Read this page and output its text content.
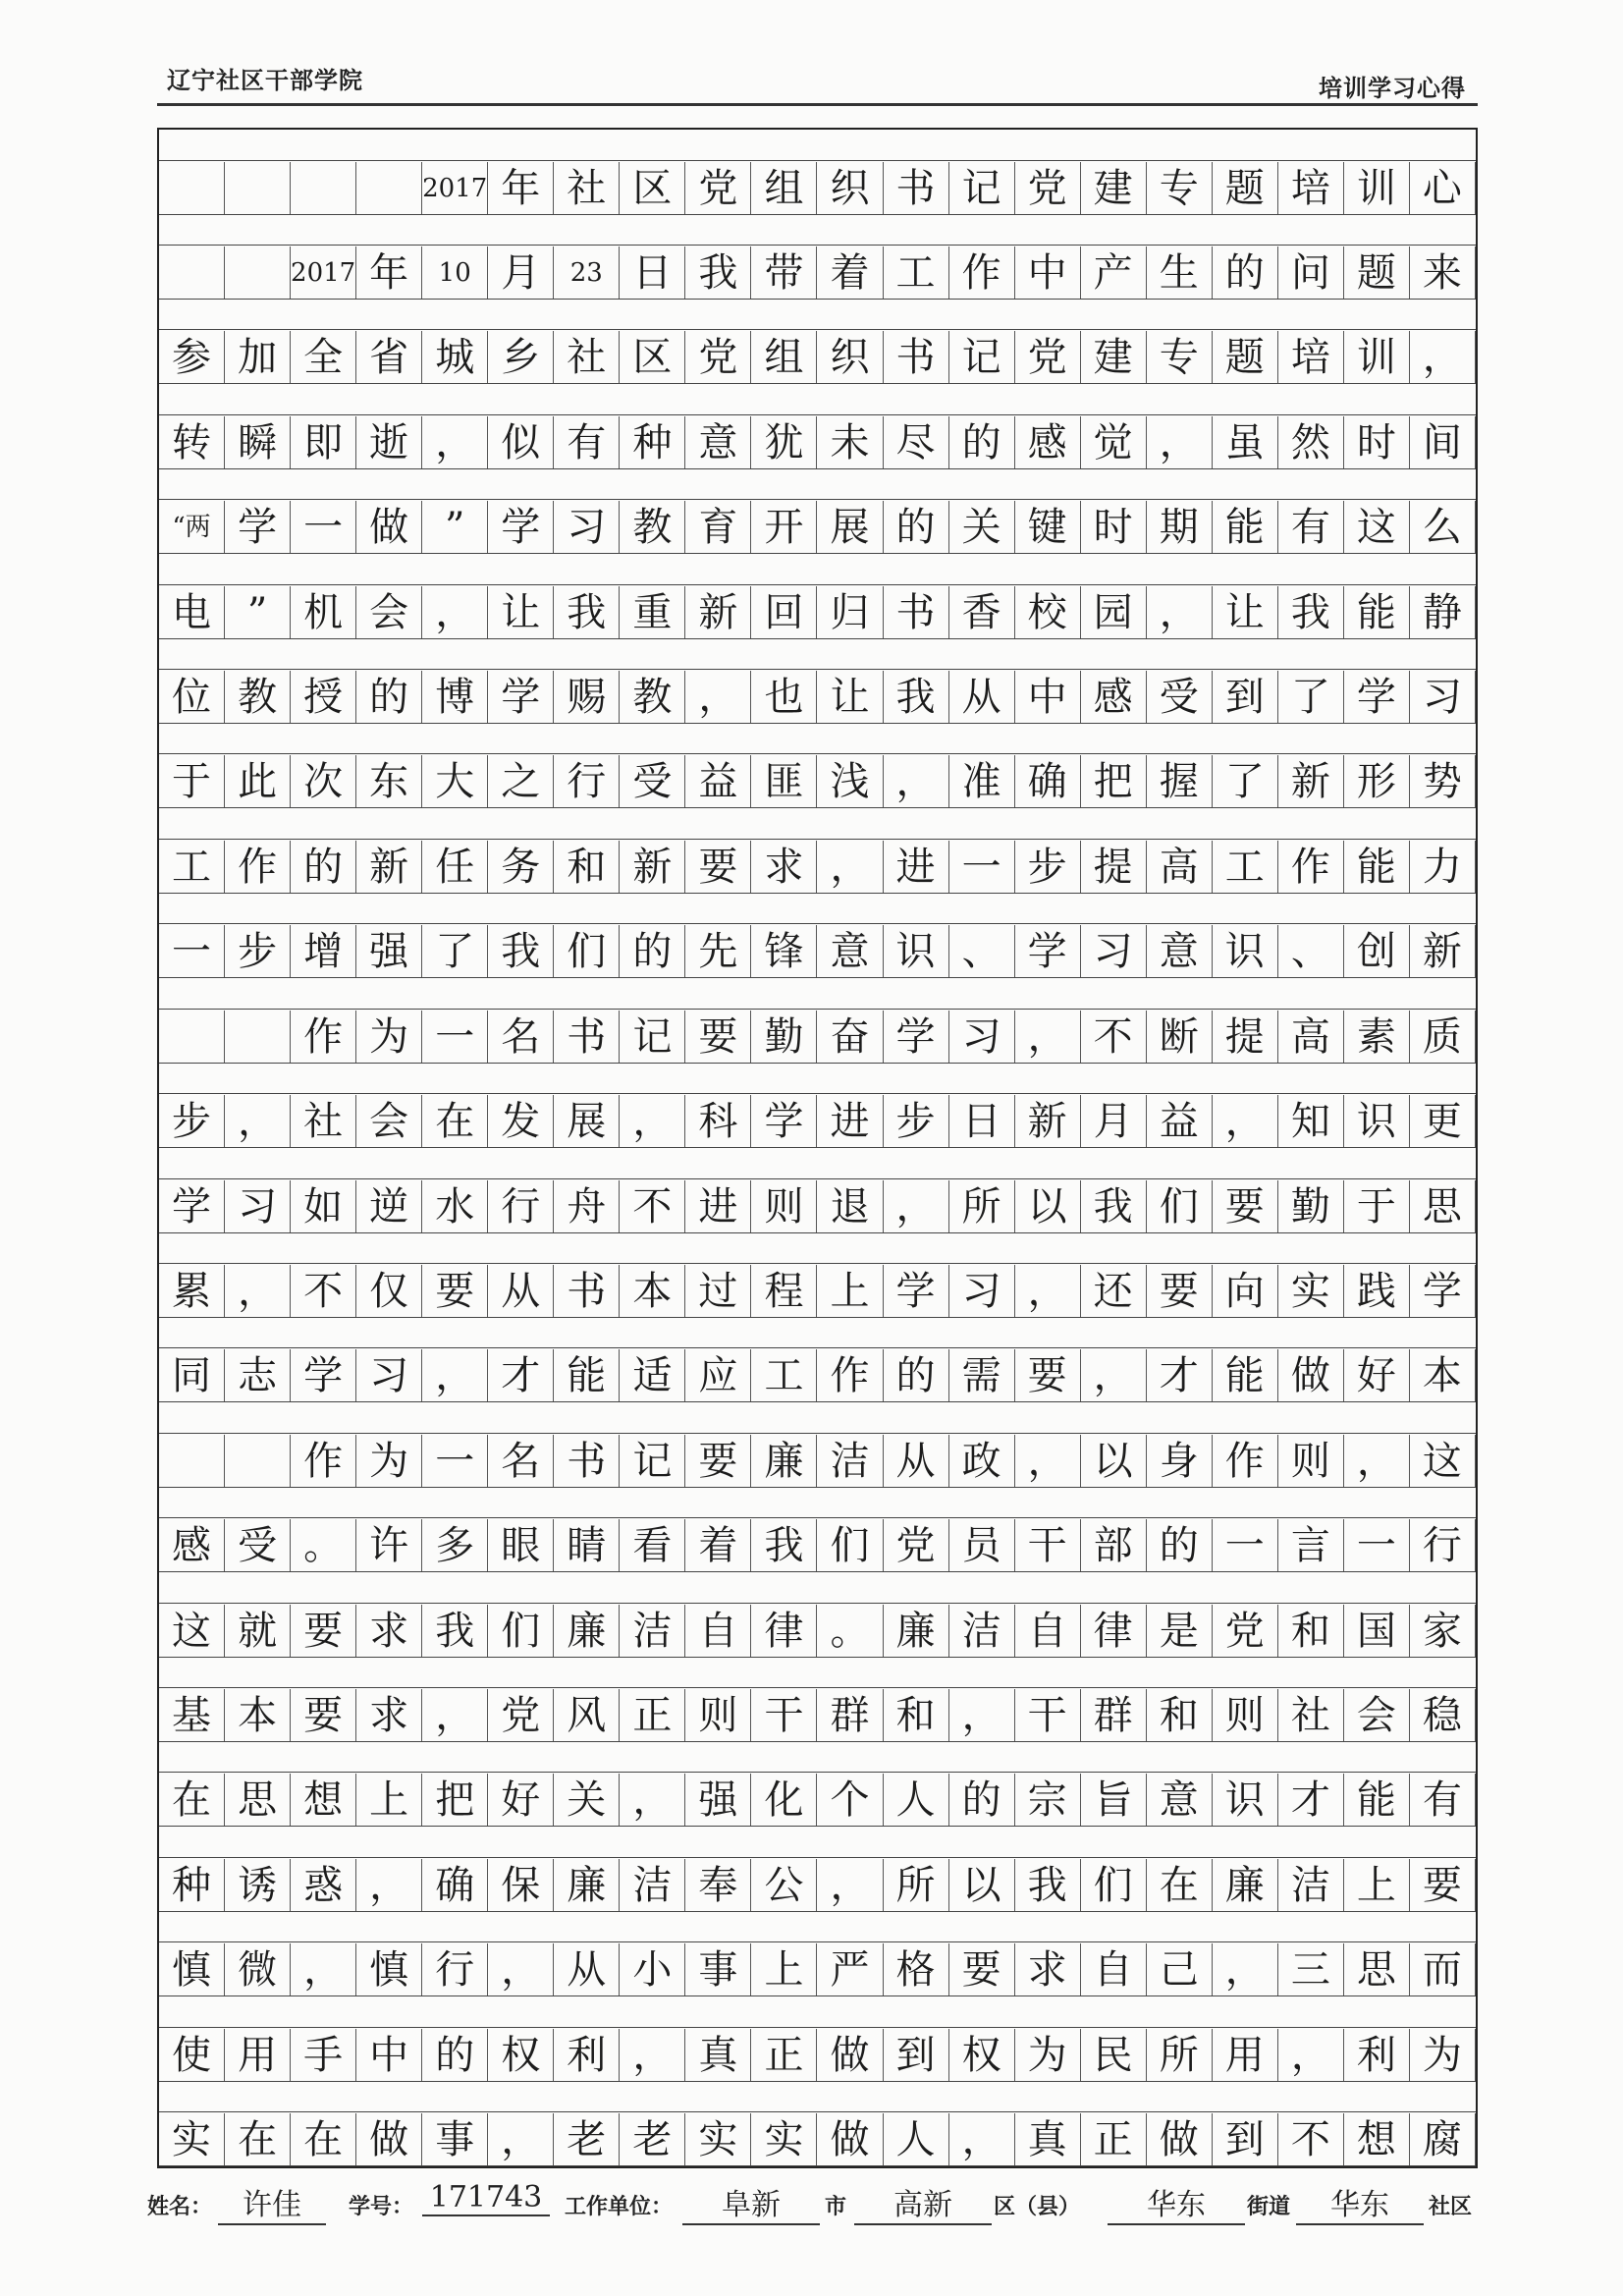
辽宁社区干部学院	培训学习心得
2017 年 社 区 党 组 织 书 记 党 建 专 题 培 训 心
2017 年	10 月	23 日 我 带 着 工 作 中 产 生 的 问 题 来
参 加 全 省 城 乡 社 区 党 组 织 书 记 党 建 专 题 培 训 ，
转 瞬 即 逝 ， 似 有 种 意 犹 未 尽 的 感 觉 ， 虽 然 时 间
“两 学 一 做 ” 学 习 教 育 开 展 的 关 键 时 期 能 有 这 么
电 ” 机 会 ， 让 我 重 新 回 归 书 香 校 园 ， 让 我 能 静
位 教 授 的 博 学 赐 教 ， 也 让 我 从 中 感 受 到 了 学 习
于 此 次 东 大 之 行 受 益 匪 浅 ， 准 确 把 握 了 新 形 势
工 作 的 新 任 务 和 新 要 求 ， 进 一 步 提 高 工 作 能 力
一 步 增 强 了 我 们 的 先 锋 意 识 、 学 习 意 识 、 创 新
作 为 一 名 书 记 要 勤 奋 学 习 ， 不 断 提 高 素 质
步 ， 社 会 在 发 展 ， 科 学 进 步 日 新 月 益 ， 知 识 更
学 习 如 逆 水 行 舟 不 进 则 退 ， 所 以 我 们 要 勤 于 思
累 ， 不 仅 要 从 书 本 过 程 上 学 习 ， 还 要 向 实 践 学
同 志 学 习 ， 才 能 适 应 工 作 的 需 要 ， 才 能 做 好 本
作 为 一 名 书 记 要 廉 洁 从 政 ， 以 身 作 则 ， 这
感 受 。 许 多 眼 睛 看 着 我 们 党 员 干 部 的 一 言 一 行
这 就 要 求 我 们 廉 洁 自 律 。 廉 洁 自 律 是 党 和 国 家
基 本 要 求 ， 党 风 正 则 干 群 和 ， 干 群 和 则 社 会 稳
在 思 想 上 把 好 关 ， 强 化 个 人 的 宗 旨 意 识 才 能 有
种 诱 惑 ， 确 保 廉 洁 奉 公 ， 所 以 我 们 在 廉 洁 上 要
慎 微 ， 慎 行 ， 从 小 事 上 严 格 要 求 自 己 ， 三 思 而
使 用 手 中 的 权 利 ， 真 正 做 到 权 为 民 所 用 ， 利 为
实 在 在 做 事 ， 老 老 实 实 做 人 ， 真 正 做 到 不 想 腐
姓名：	许佳	学号： 171743	工作单位：	阜新	市	高新	区（县）	华东	街道	华东	社区
